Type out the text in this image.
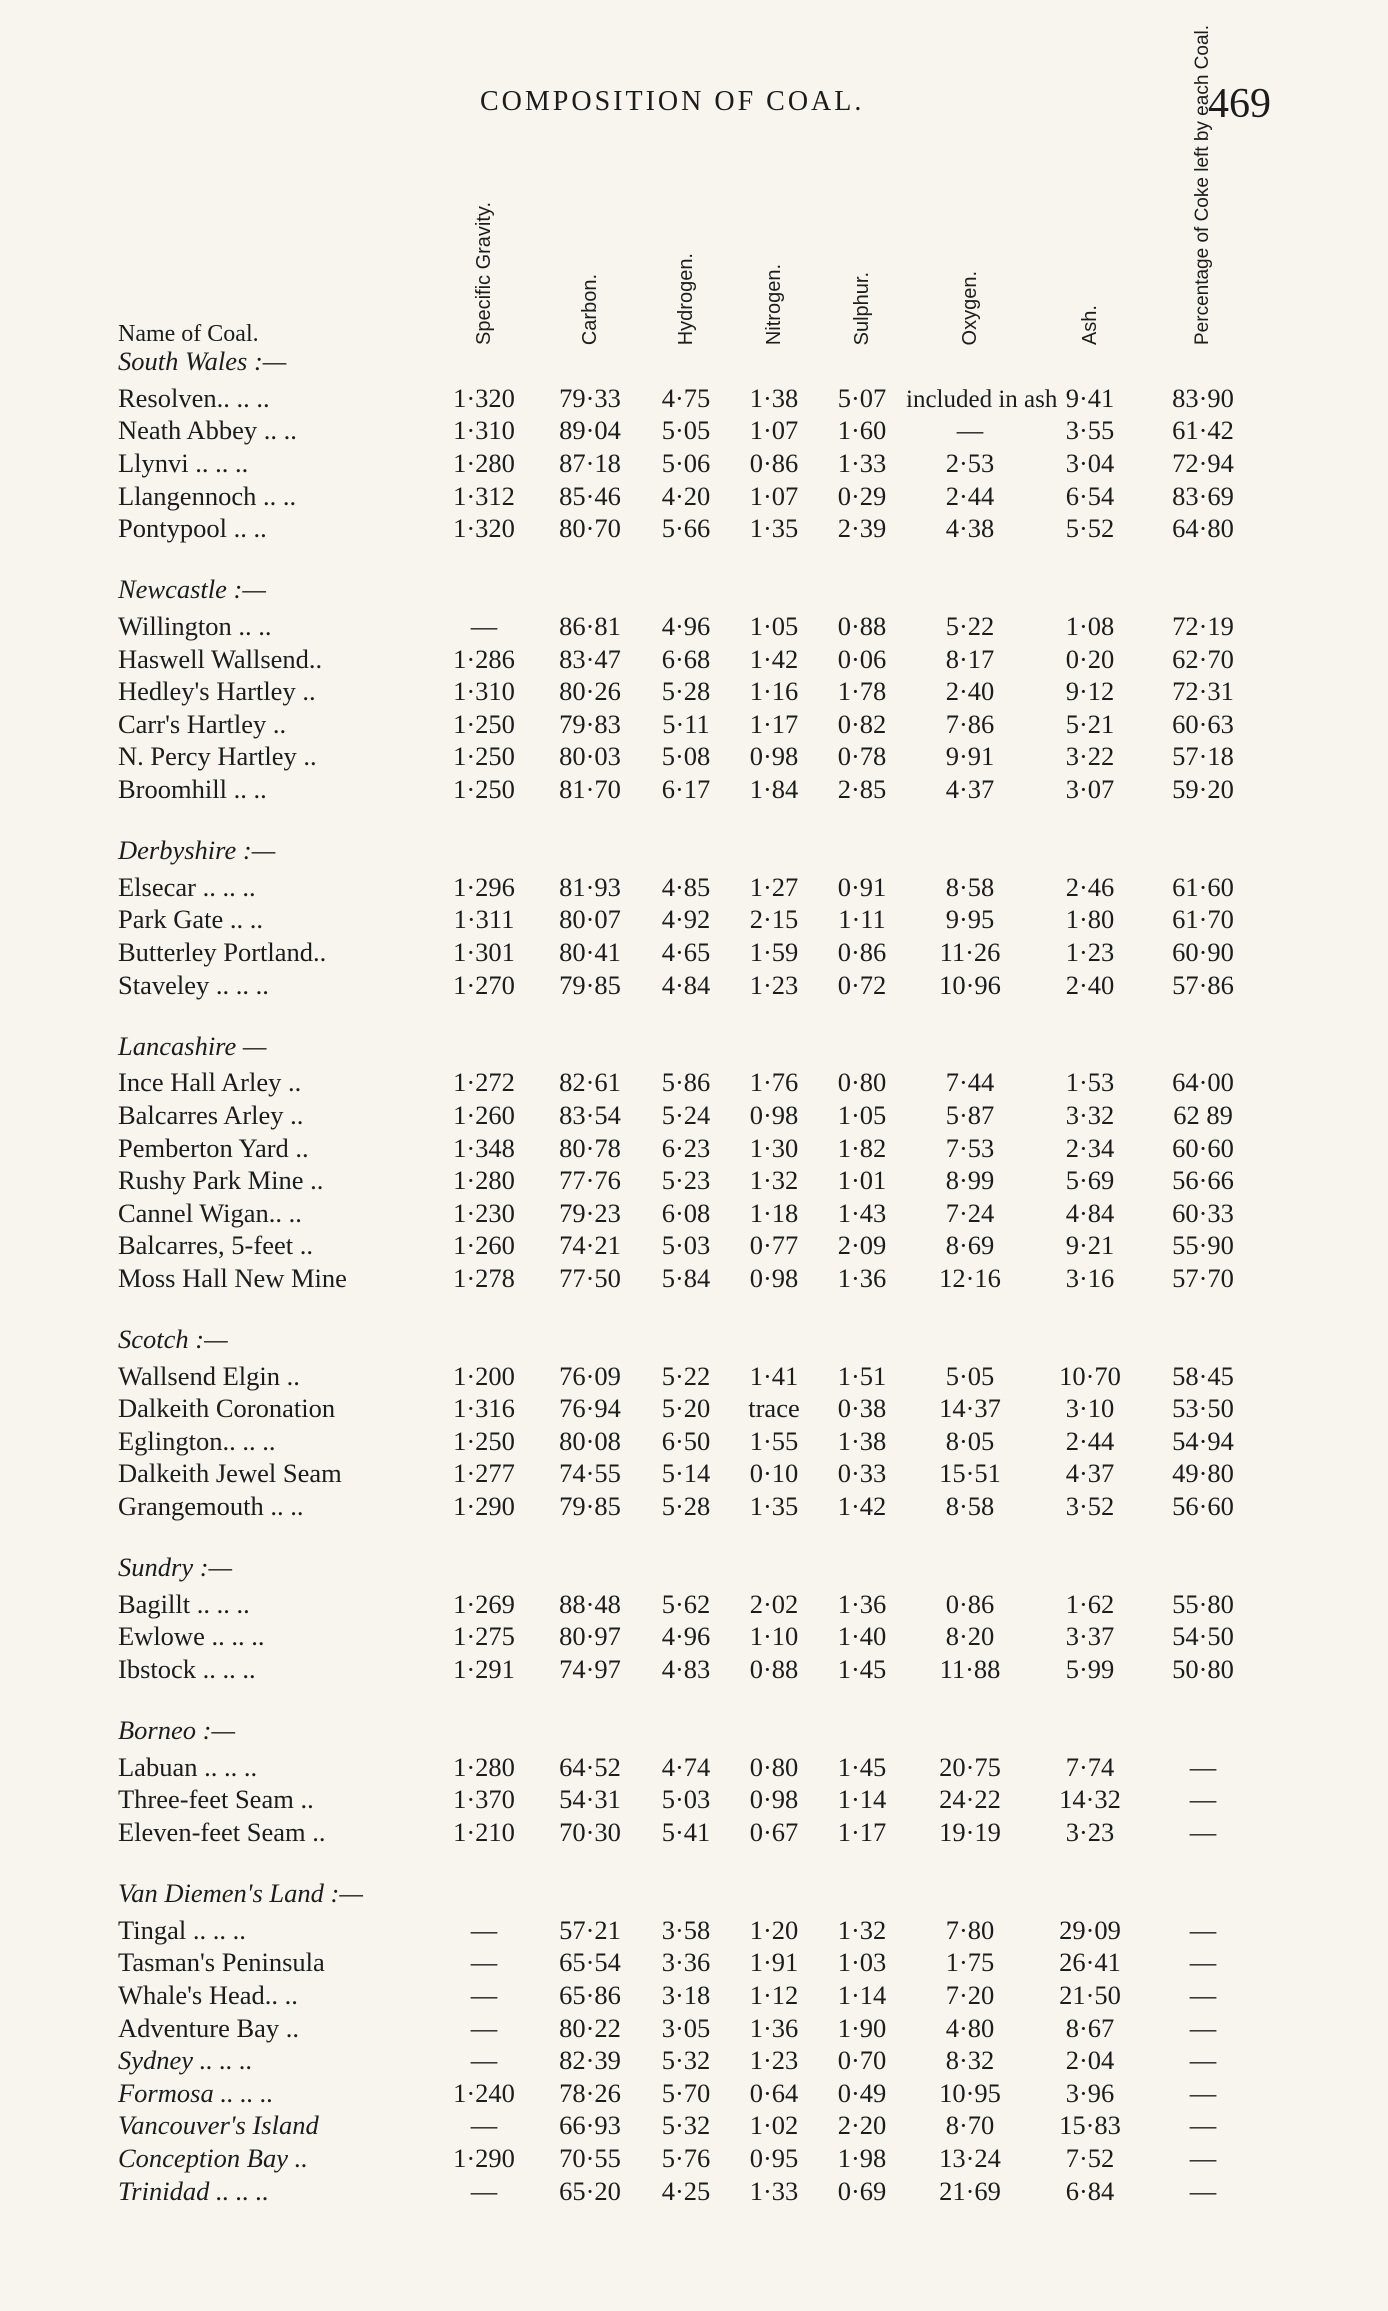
COMPOSITION OF COAL.	469
Name of Coal.	Specific Gravity.	Carbon.	Hydrogen.	Nitrogen.	Sulphur.	Oxygen.	Ash.	Percentage of Coke left by each Coal.

South Wales :—								
Resolven.. .. ..	1·320	79·33	4·75	1·38	5·07	included in ash	9·41	83·90
Neath Abbey .. ..	1·310	89·04	5·05	1·07	1·60	—	3·55	61·42
Llynvi .. .. ..	1·280	87·18	5·06	0·86	1·33	2·53	3·04	72·94
Llangennoch .. ..	1·312	85·46	4·20	1·07	0·29	2·44	6·54	83·69
Pontypool .. ..	1·320	80·70	5·66	1·35	2·39	4·38	5·52	64·80

Newcastle :—								
Willington .. ..	—	86·81	4·96	1·05	0·88	5·22	1·08	72·19
Haswell Wallsend..	1·286	83·47	6·68	1·42	0·06	8·17	0·20	62·70
Hedley's Hartley ..	1·310	80·26	5·28	1·16	1·78	2·40	9·12	72·31
Carr's Hartley ..	1·250	79·83	5·11	1·17	0·82	7·86	5·21	60·63
N. Percy Hartley ..	1·250	80·03	5·08	0·98	0·78	9·91	3·22	57·18
Broomhill .. ..	1·250	81·70	6·17	1·84	2·85	4·37	3·07	59·20

Derbyshire :—								
Elsecar .. .. ..	1·296	81·93	4·85	1·27	0·91	8·58	2·46	61·60
Park Gate .. ..	1·311	80·07	4·92	2·15	1·11	9·95	1·80	61·70
Butterley Portland..	1·301	80·41	4·65	1·59	0·86	11·26	1·23	60·90
Staveley .. .. ..	1·270	79·85	4·84	1·23	0·72	10·96	2·40	57·86

Lancashire —								
Ince Hall Arley ..	1·272	82·61	5·86	1·76	0·80	7·44	1·53	64·00
Balcarres Arley ..	1·260	83·54	5·24	0·98	1·05	5·87	3·32	62 89
Pemberton Yard ..	1·348	80·78	6·23	1·30	1·82	7·53	2·34	60·60
Rushy Park Mine ..	1·280	77·76	5·23	1·32	1·01	8·99	5·69	56·66
Cannel Wigan.. ..	1·230	79·23	6·08	1·18	1·43	7·24	4·84	60·33
Balcarres, 5-feet ..	1·260	74·21	5·03	0·77	2·09	8·69	9·21	55·90
Moss Hall New Mine	1·278	77·50	5·84	0·98	1·36	12·16	3·16	57·70

Scotch :—								
Wallsend Elgin ..	1·200	76·09	5·22	1·41	1·51	5·05	10·70	58·45
Dalkeith Coronation	1·316	76·94	5·20	trace	0·38	14·37	3·10	53·50
Eglington.. .. ..	1·250	80·08	6·50	1·55	1·38	8·05	2·44	54·94
Dalkeith Jewel Seam	1·277	74·55	5·14	0·10	0·33	15·51	4·37	49·80
Grangemouth .. ..	1·290	79·85	5·28	1·35	1·42	8·58	3·52	56·60

Sundry :—								
Bagillt .. .. ..	1·269	88·48	5·62	2·02	1·36	0·86	1·62	55·80
Ewlowe .. .. ..	1·275	80·97	4·96	1·10	1·40	8·20	3·37	54·50
Ibstock .. .. ..	1·291	74·97	4·83	0·88	1·45	11·88	5·99	50·80

Borneo :—								
Labuan .. .. ..	1·280	64·52	4·74	0·80	1·45	20·75	7·74	—
Three-feet Seam ..	1·370	54·31	5·03	0·98	1·14	24·22	14·32	—
Eleven-feet Seam ..	1·210	70·30	5·41	0·67	1·17	19·19	3·23	—

Van Diemen's Land :—								
Tingal .. .. ..	—	57·21	3·58	1·20	1·32	7·80	29·09	—
Tasman's Peninsula	—	65·54	3·36	1·91	1·03	1·75	26·41	—
Whale's Head.. ..	—	65·86	3·18	1·12	1·14	7·20	21·50	—
Adventure Bay ..	—	80·22	3·05	1·36	1·90	4·80	8·67	—
Sydney .. .. ..	—	82·39	5·32	1·23	0·70	8·32	2·04	—
Formosa .. .. ..	1·240	78·26	5·70	0·64	0·49	10·95	3·96	—
Vancouver's Island	—	66·93	5·32	1·02	2·20	8·70	15·83	—
Conception Bay ..	1·290	70·55	5·76	0·95	1·98	13·24	7·52	—
Trinidad .. .. ..	—	65·20	4·25	1·33	0·69	21·69	6·84	—
